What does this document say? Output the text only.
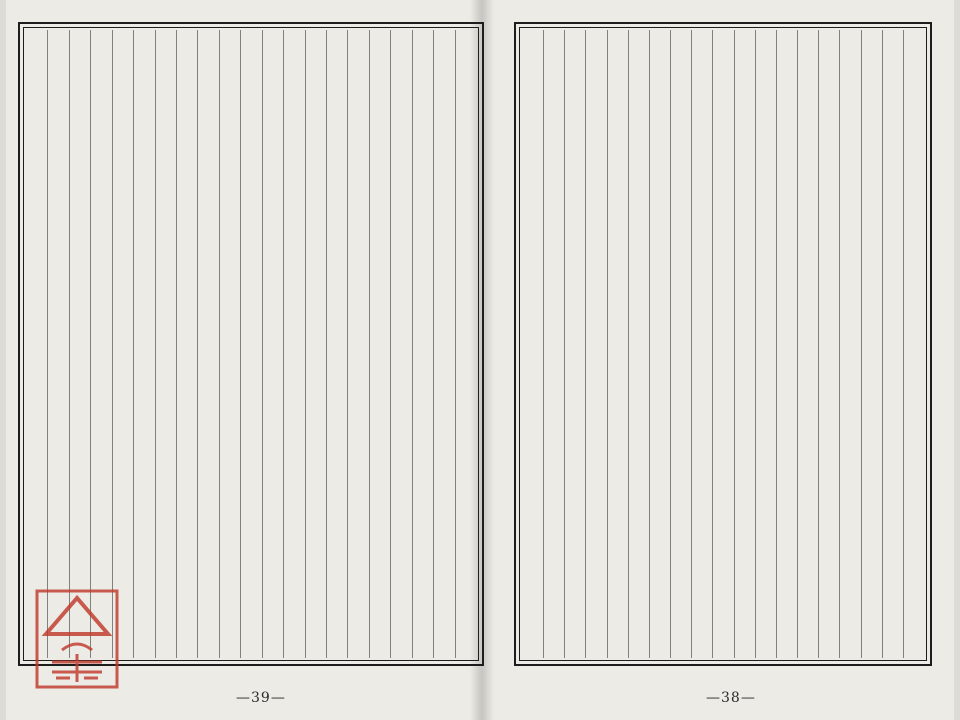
—39—	—38—
